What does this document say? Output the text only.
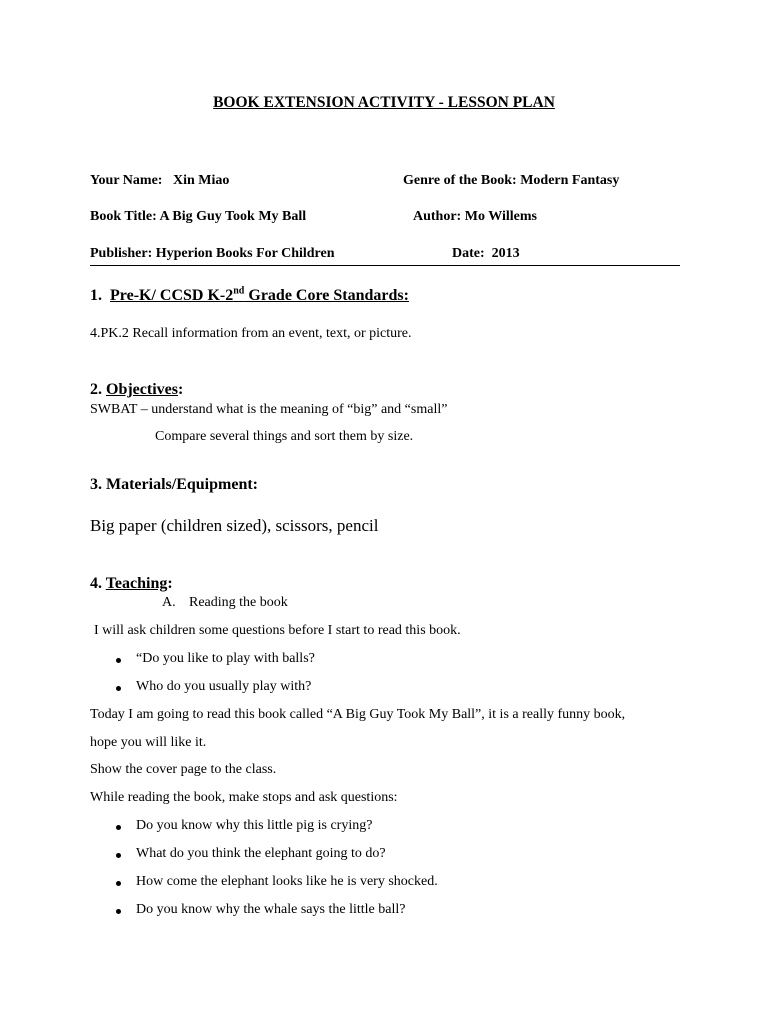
BOOK EXTENSION ACTIVITY - LESSON PLAN
Your Name: Xin Miao	Genre of the Book: Modern Fantasy
Book Title: A Big Guy Took My Ball	Author: Mo Willems
Publisher: Hyperion Books For Children	Date: 2013
1. Pre-K/ CCSD K-2nd Grade Core Standards:
4.PK.2 Recall information from an event, text, or picture.
2. Objectives:
SWBAT – understand what is the meaning of “big” and “small”
Compare several things and sort them by size.
3. Materials/Equipment:
Big paper (children sized), scissors, pencil
4. Teaching:
A. Reading the book
I will ask children some questions before I start to read this book.
“Do you like to play with balls?
Who do you usually play with?
Today I am going to read this book called “A Big Guy Took My Ball”, it is a really funny book,
hope you will like it.
Show the cover page to the class.
While reading the book, make stops and ask questions:
Do you know why this little pig is crying?
What do you think the elephant going to do?
How come the elephant looks like he is very shocked.
Do you know why the whale says the little ball?
